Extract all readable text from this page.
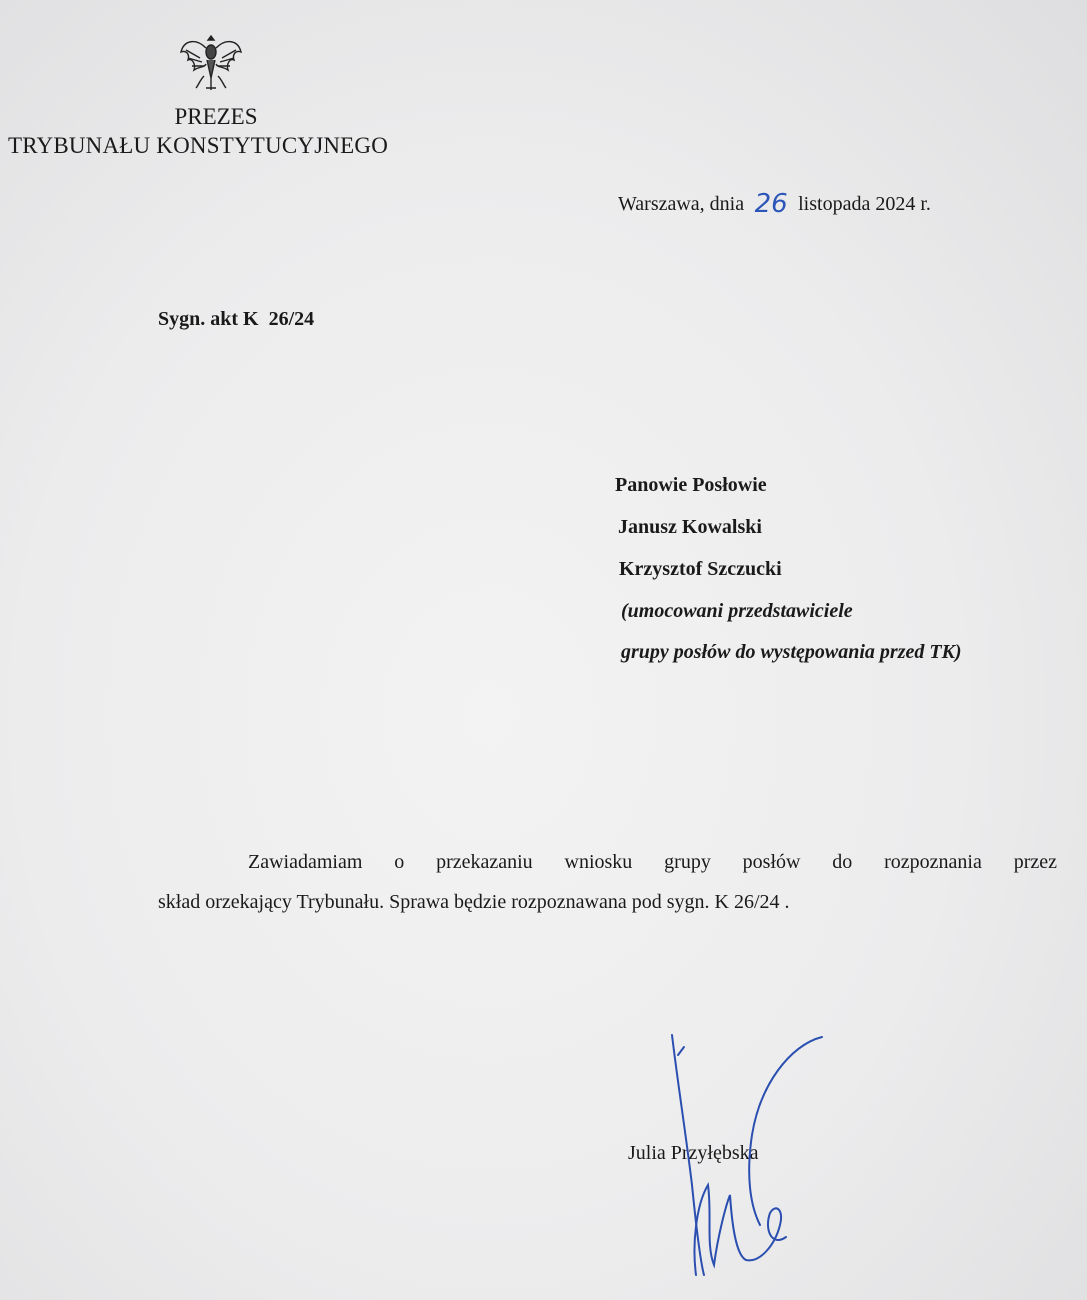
PREZES
TRYBUNAŁU KONSTYTUCYJNEGO
Warszawa, dnia 26 listopada 2024 r.
Sygn. akt K  26/24
Panowie Posłowie
Janusz Kowalski
Krzysztof Szczucki
(umocowani przedstawiciele
grupy posłów do występowania przed TK)
Zawiadamiam o przekazaniu wniosku grupy posłów do rozpoznania przez
skład orzekający Trybunału. Sprawa będzie rozpoznawana pod sygn. K 26/24 .
Julia Przyłębska
